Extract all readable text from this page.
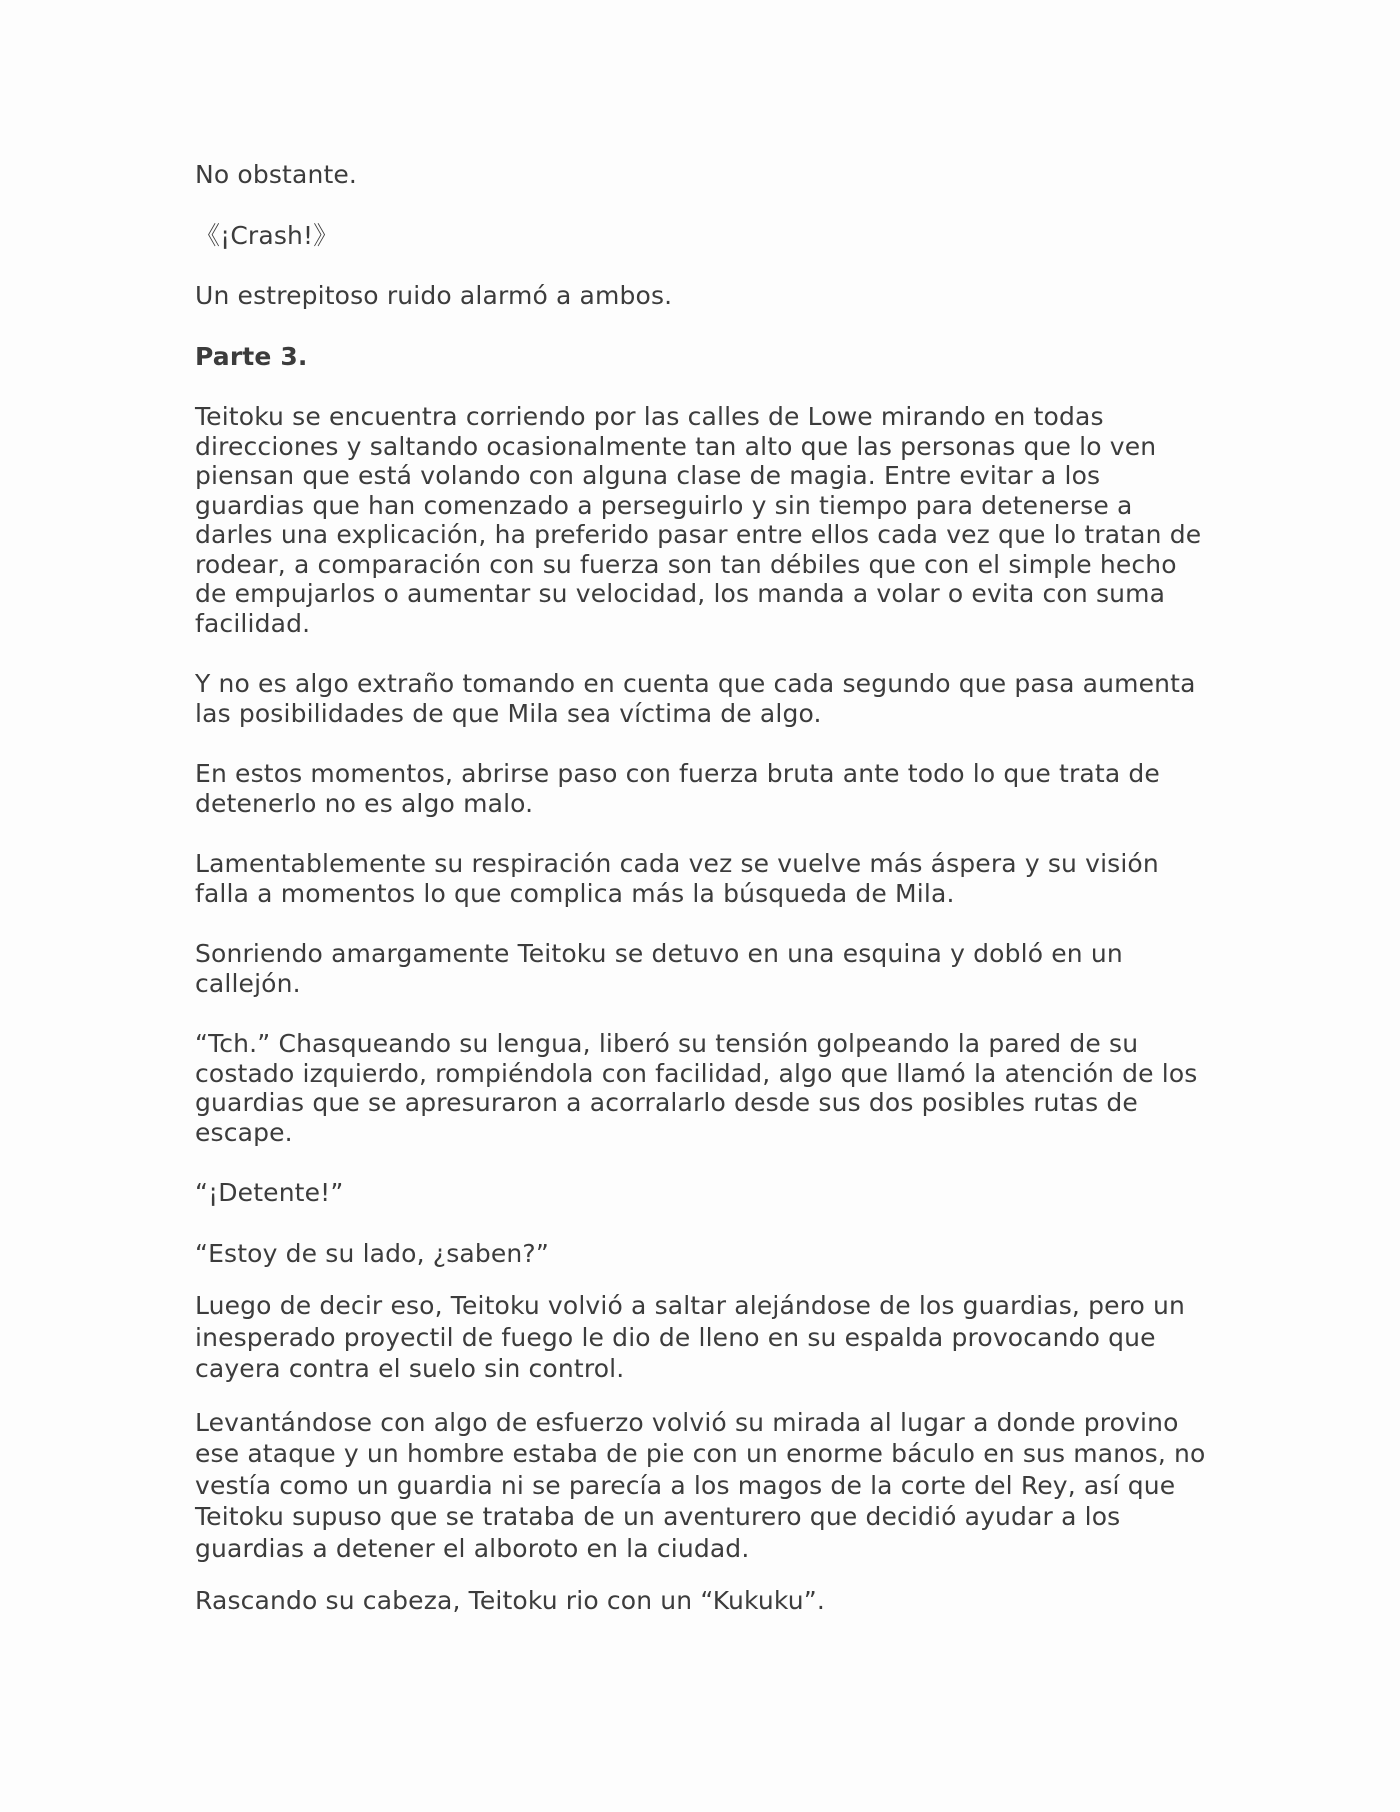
No obstante.

《¡Crash!》

Un estrepitoso ruido alarmó a ambos.

Parte 3.

Teitoku se encuentra corriendo por las calles de Lowe mirando en todas direcciones y saltando ocasionalmente tan alto que las personas que lo ven piensan que está volando con alguna clase de magia. Entre evitar a los guardias que han comenzado a perseguirlo y sin tiempo para detenerse a darles una explicación, ha preferido pasar entre ellos cada vez que lo tratan de rodear, a comparación con su fuerza son tan débiles que con el simple hecho de empujarlos o aumentar su velocidad, los manda a volar o evita con suma facilidad.

Y no es algo extraño tomando en cuenta que cada segundo que pasa aumenta las posibilidades de que Mila sea víctima de algo.

En estos momentos, abrirse paso con fuerza bruta ante todo lo que trata de detenerlo no es algo malo.

Lamentablemente su respiración cada vez se vuelve más áspera y su visión falla a momentos lo que complica más la búsqueda de Mila.

Sonriendo amargamente Teitoku se detuvo en una esquina y dobló en un callejón.

“Tch.” Chasqueando su lengua, liberó su tensión golpeando la pared de su costado izquierdo, rompiéndola con facilidad, algo que llamó la atención de los guardias que se apresuraron a acorralarlo desde sus dos posibles rutas de escape.

“¡Detente!”

“Estoy de su lado, ¿saben?”

Luego de decir eso, Teitoku volvió a saltar alejándose de los guardias, pero un inesperado proyectil de fuego le dio de lleno en su espalda provocando que cayera contra el suelo sin control.

Levantándose con algo de esfuerzo volvió su mirada al lugar a donde provino ese ataque y un hombre estaba de pie con un enorme báculo en sus manos, no vestía como un guardia ni se parecía a los magos de la corte del Rey, así que Teitoku supuso que se trataba de un aventurero que decidió ayudar a los guardias a detener el alboroto en la ciudad.

Rascando su cabeza, Teitoku rio con un “Kukuku”.
